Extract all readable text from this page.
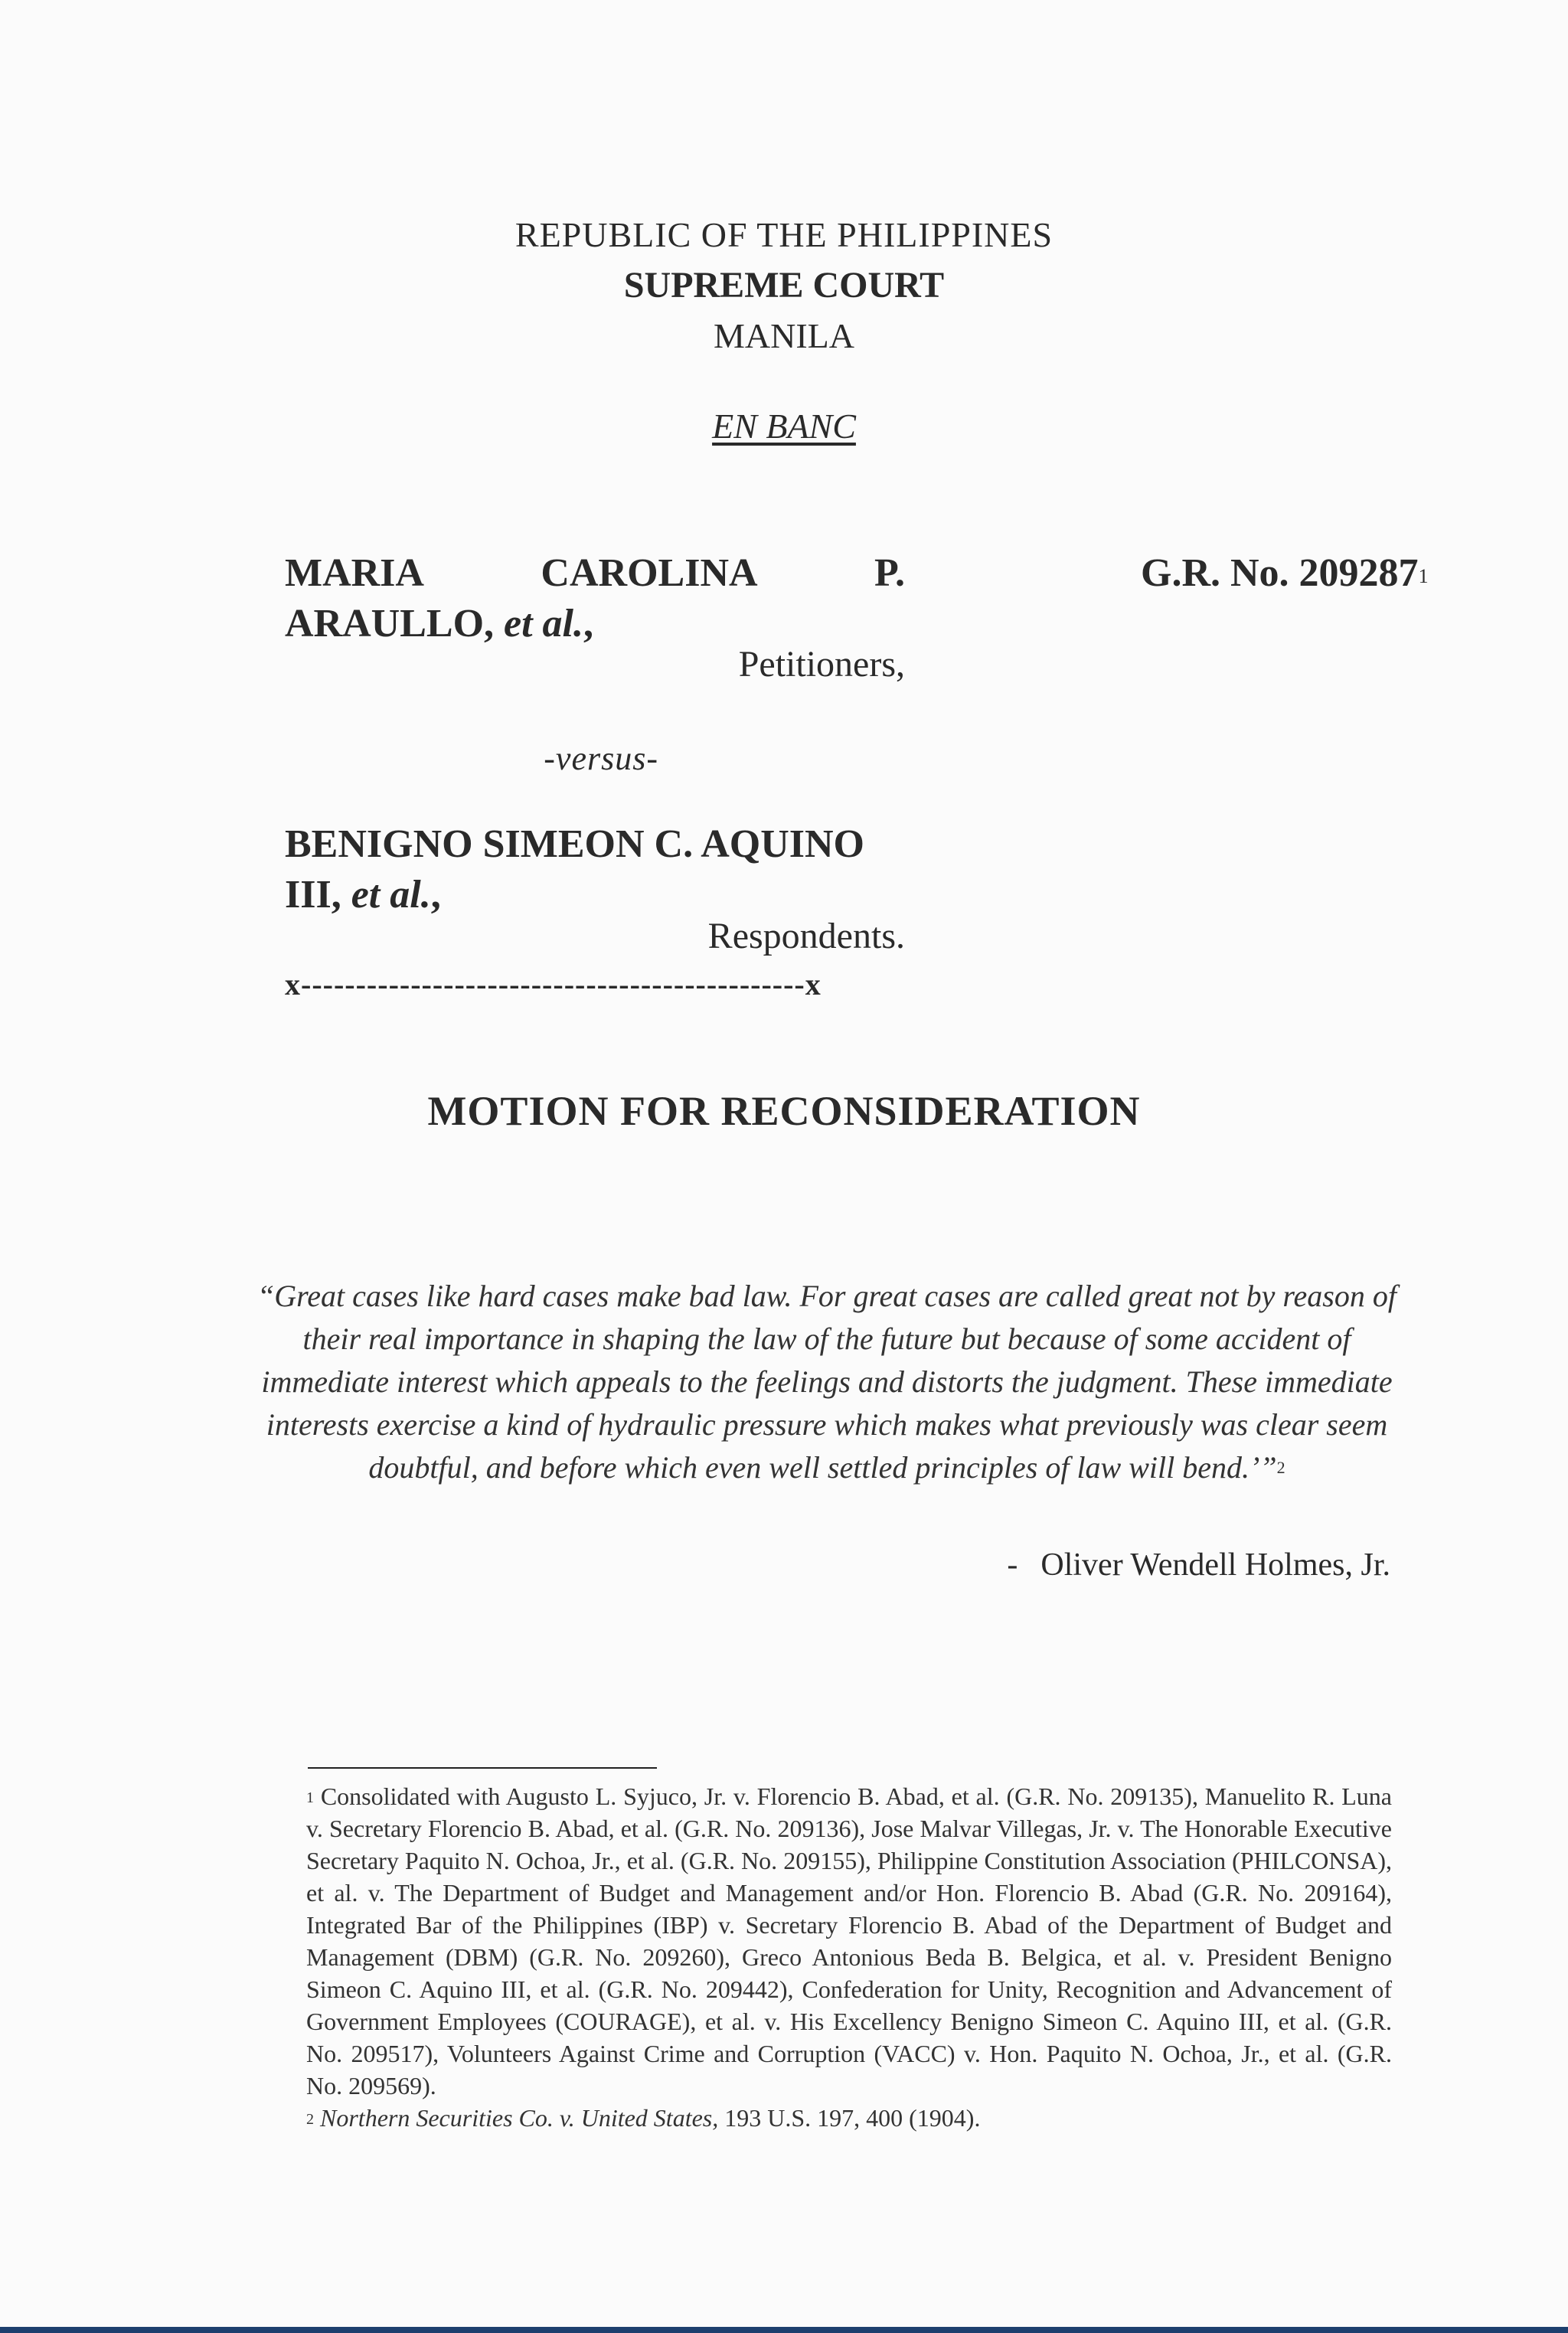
REPUBLIC OF THE PHILIPPINES
SUPREME COURT
MANILA
EN BANC
MARIA	CAROLINA	P.
ARAULLO, et al.,
Petitioners,
-versus-
BENIGNO SIMEON C. AQUINO
III, et al.,
Respondents.
x----------------------------------------------x
G.R. No. 209287$^1$
MOTION FOR RECONSIDERATION
“Great cases like hard cases make bad law. For great cases are called great not by reason of their real importance in shaping the law of the future but because of some accident of immediate interest which appeals to the feelings and distorts the judgment. These immediate interests exercise a kind of hydraulic pressure which makes what previously was clear seem doubtful, and before which even well settled principles of law will bend.’”$^2$
- Oliver Wendell Holmes, Jr.

$^1$ Consolidated with Augusto L. Syjuco, Jr. v. Florencio B. Abad, et al. (G.R. No. 209135), Manuelito R. Luna v. Secretary Florencio B. Abad, et al. (G.R. No. 209136), Jose Malvar Villegas, Jr. v. The Honorable Executive Secretary Paquito N. Ochoa, Jr., et al. (G.R. No. 209155), Philippine Constitution Association (PHILCONSA), et al. v. The Department of Budget and Management and/or Hon. Florencio B. Abad (G.R. No. 209164), Integrated Bar of the Philippines (IBP) v. Secretary Florencio B. Abad of the Department of Budget and Management (DBM) (G.R. No. 209260), Greco Antonious Beda B. Belgica, et al. v. President Benigno Simeon C. Aquino III, et al. (G.R. No. 209442), Confederation for Unity, Recognition and Advancement of Government Employees (COURAGE), et al. v. His Excellency Benigno Simeon C. Aquino III, et al. (G.R. No. 209517), Volunteers Against Crime and Corruption (VACC) v. Hon. Paquito N. Ochoa, Jr., et al. (G.R. No. 209569).

$^2$ Northern Securities Co. v. United States, 193 U.S. 197, 400 (1904).
